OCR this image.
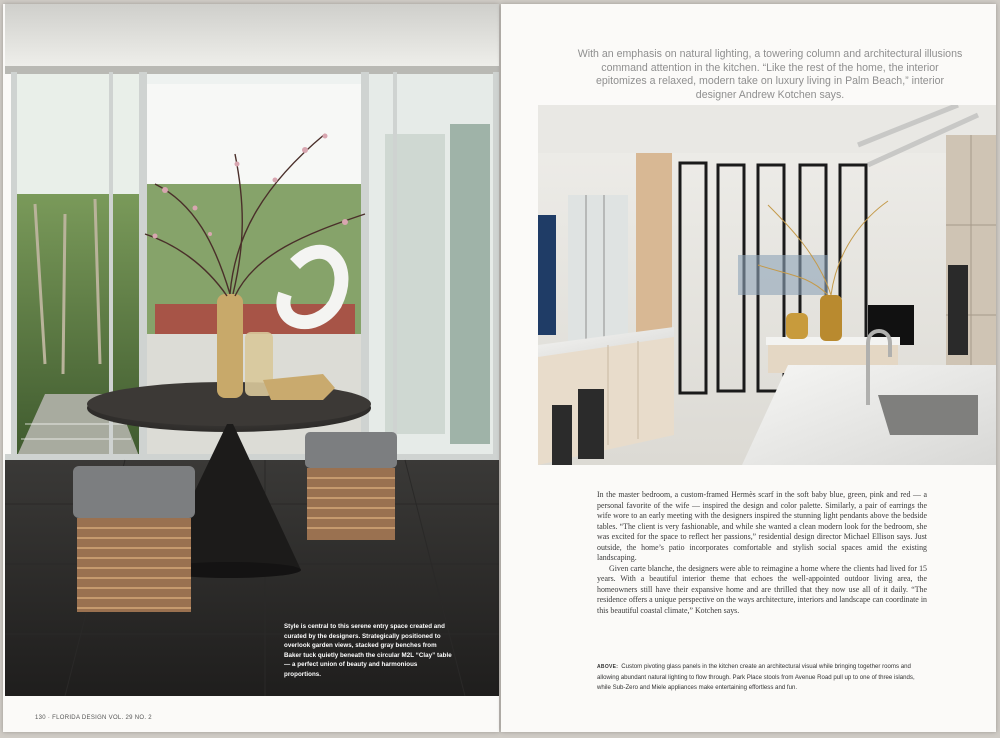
Style is central to this serene entry space created and curated by the designers. Strategically positioned to overlook garden views, stacked gray benches from Baker tuck quietly beneath the circular M2L “Clay” table — a perfect union of beauty and harmonious proportions.
130 · FLORIDA DESIGN VOL. 29 NO. 2
With an emphasis on natural lighting, a towering column and architectural illusions command attention in the kitchen. “Like the rest of the home, the interior epitomizes a relaxed, modern take on luxury living in Palm Beach,” interior designer Andrew Kotchen says.

In the master bedroom, a custom-framed Hermès scarf in the soft baby blue, green, pink and red — a personal favorite of the wife — inspired the design and color palette. Similarly, a pair of earrings the wife wore to an early meeting with the designers inspired the stunning light pendants above the bedside tables. “The client is very fashionable, and while she wanted a clean modern look for the bedroom, she was excited for the space to reflect her passions,” residential design director Michael Ellison says. Just outside, the home’s patio incorporates comfortable and stylish social spaces amid the existing landscaping.

Given carte blanche, the designers were able to reimagine a home where the clients had lived for 15 years. With a beautiful interior theme that echoes the well-appointed outdoor living area, the homeowners still have their expansive home and are thrilled that they now use all of it daily. “The residence offers a unique perspective on the ways architecture, interiors and landscape can coordinate in this beautiful coastal climate,” Kotchen says.

ABOVE: Custom pivoting glass panels in the kitchen create an architectural visual while bringing together rooms and allowing abundant natural lighting to flow through. Park Place stools from Avenue Road pull up to one of three islands, while Sub-Zero and Miele appliances make entertaining effortless and fun.
